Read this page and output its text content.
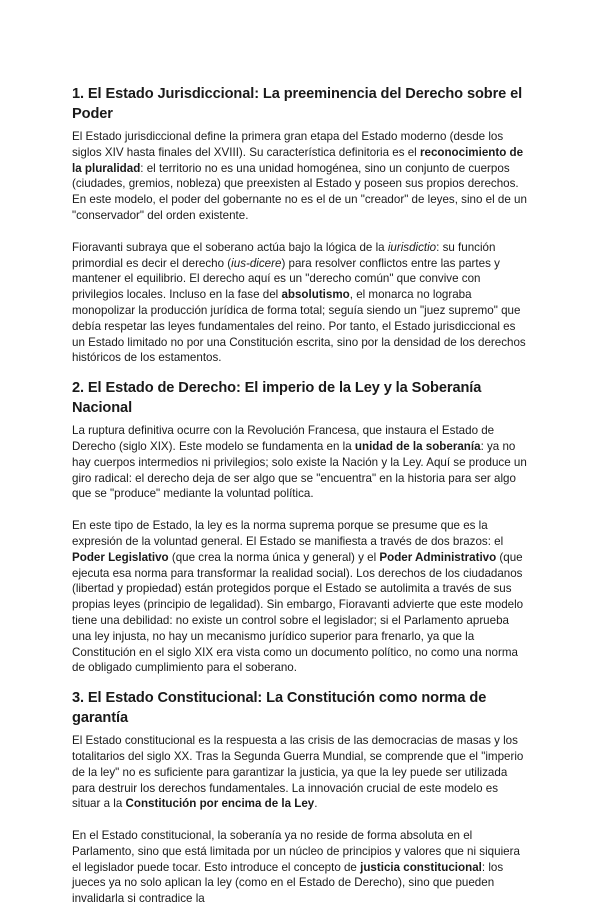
1. El Estado Jurisdiccional: La preeminencia del Derecho sobre el Poder

El Estado jurisdiccional define la primera gran etapa del Estado moderno (desde los siglos XIV hasta finales del XVIII). Su característica definitoria es el reconocimiento de la pluralidad: el territorio no es una unidad homogénea, sino un conjunto de cuerpos (ciudades, gremios, nobleza) que preexisten al Estado y poseen sus propios derechos. En este modelo, el poder del gobernante no es el de un "creador" de leyes, sino el de un "conservador" del orden existente.

Fioravanti subraya que el soberano actúa bajo la lógica de la iurisdictio: su función primordial es decir el derecho (ius-dicere) para resolver conflictos entre las partes y mantener el equilibrio. El derecho aquí es un "derecho común" que convive con privilegios locales. Incluso en la fase del absolutismo, el monarca no lograba monopolizar la producción jurídica de forma total; seguía siendo un "juez supremo" que debía respetar las leyes fundamentales del reino. Por tanto, el Estado jurisdiccional es un Estado limitado no por una Constitución escrita, sino por la densidad de los derechos históricos de los estamentos.

2. El Estado de Derecho: El imperio de la Ley y la Soberanía Nacional

La ruptura definitiva ocurre con la Revolución Francesa, que instaura el Estado de Derecho (siglo XIX). Este modelo se fundamenta en la unidad de la soberanía: ya no hay cuerpos intermedios ni privilegios; solo existe la Nación y la Ley. Aquí se produce un giro radical: el derecho deja de ser algo que se "encuentra" en la historia para ser algo que se "produce" mediante la voluntad política.

En este tipo de Estado, la ley es la norma suprema porque se presume que es la expresión de la voluntad general. El Estado se manifiesta a través de dos brazos: el Poder Legislativo (que crea la norma única y general) y el Poder Administrativo (que ejecuta esa norma para transformar la realidad social). Los derechos de los ciudadanos (libertad y propiedad) están protegidos porque el Estado se autolimita a través de sus propias leyes (principio de legalidad). Sin embargo, Fioravanti advierte que este modelo tiene una debilidad: no existe un control sobre el legislador; si el Parlamento aprueba una ley injusta, no hay un mecanismo jurídico superior para frenarlo, ya que la Constitución en el siglo XIX era vista como un documento político, no como una norma de obligado cumplimiento para el soberano.

3. El Estado Constitucional: La Constitución como norma de garantía

El Estado constitucional es la respuesta a las crisis de las democracias de masas y los totalitarios del siglo XX. Tras la Segunda Guerra Mundial, se comprende que el "imperio de la ley" no es suficiente para garantizar la justicia, ya que la ley puede ser utilizada para destruir los derechos fundamentales. La innovación crucial de este modelo es situar a la Constitución por encima de la Ley.

En el Estado constitucional, la soberanía ya no reside de forma absoluta en el Parlamento, sino que está limitada por un núcleo de principios y valores que ni siquiera el legislador puede tocar. Esto introduce el concepto de justicia constitucional: los jueces ya no solo aplican la ley (como en el Estado de Derecho), sino que pueden invalidarla si contradice la
